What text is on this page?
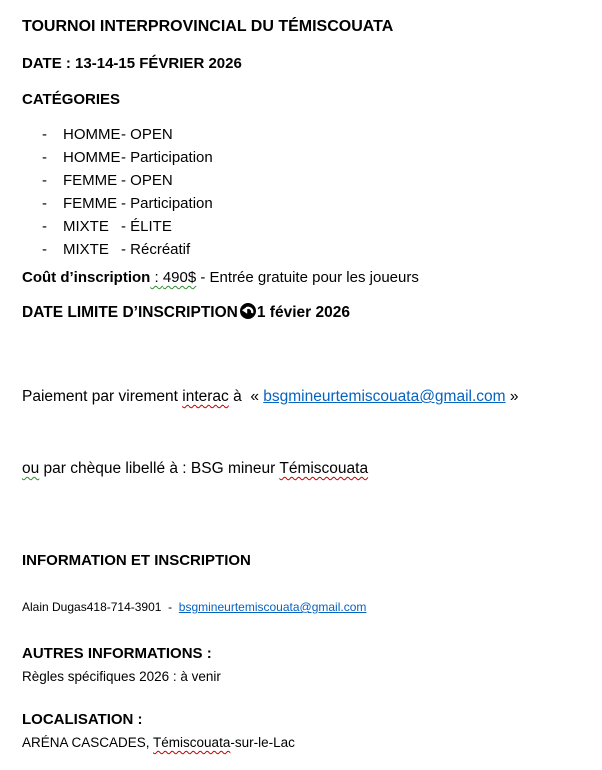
TOURNOI INTERPROVINCIAL DU TÉMISCOUATA
DATE : 13-14-15 FÉVRIER 2026
CATÉGORIES
- HOMME- OPEN
- HOMME- Participation
- FEMME - OPEN
- FEMME - Participation
- MIXTE - ÉLITE
- MIXTE - Récréatif
Coût d’inscription : 490$ - Entrée gratuite pour les joueurs
DATE LIMITE D’INSCRIPTION 1 févier 2026

Paiement par virement interac à  « bsgmineurtemiscouata@gmail.com »

ou par chèque libellé à : BSG mineur Témiscouata

INFORMATION ET INSCRIPTION
Alain Dugas418-714-3901  -  bsgmineurtemiscouata@gmail.com
AUTRES INFORMATIONS :
Règles spécifiques 2026 : à venir
LOCALISATION :
ARÉNA CASCADES, Témiscouata-sur-le-Lac
